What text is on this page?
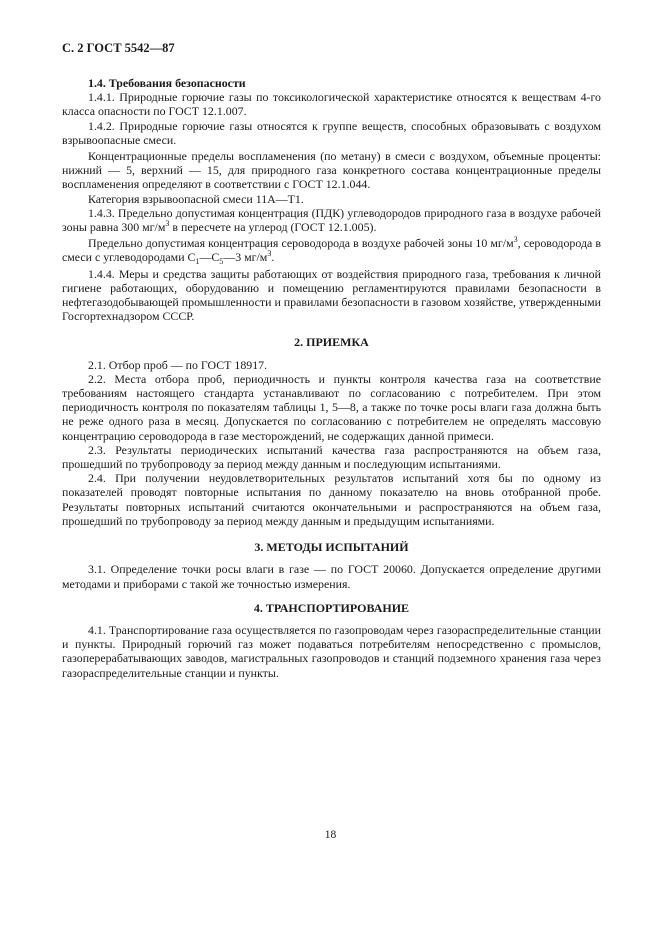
С. 2 ГОСТ 5542—87
1.4. Требования безопасности

1.4.1. Природные горючие газы по токсикологической характеристике относятся к веществам 4-го класса опасности по ГОСТ 12.1.007.

1.4.2. Природные горючие газы относятся к группе веществ, способных образовывать с воздухом взрывоопасные смеси.

Концентрационные пределы воспламенения (по метану) в смеси с воздухом, объемные проценты: нижний — 5, верхний — 15, для природного газа конкретного состава концентрационные пределы воспламенения определяют в соответствии с ГОСТ 12.1.044.

Категория взрывоопасной смеси 11А—Т1.

1.4.3. Предельно допустимая концентрация (ПДК) углеводородов природного газа в воздухе рабочей зоны равна 300 $мг/м^3$ в пересчете на углерод (ГОСТ 12.1.005).

Предельно допустимая концентрация сероводорода в воздухе рабочей зоны 10 $мг/м^3$, сероводорода в смеси с углеводородами $С_1—С_5—3$ $мг/м^3$.

1.4.4. Меры и средства защиты работающих от воздействия природного газа, требования к личной гигиене работающих, оборудованию и помещению регламентируются правилами безопасности в нефтегазодобывающей промышленности и правилами безопасности в газовом хозяйстве, утвержденными Госгортехнадзором СССР.

2. ПРИЕМКА

2.1. Отбор проб — по ГОСТ 18917.

2.2. Места отбора проб, периодичность и пункты контроля качества газа на соответствие требованиям настоящего стандарта устанавливают по согласованию с потребителем. При этом периодичность контроля по показателям таблицы 1, 5—8, а также по точке росы влаги газа должна быть не реже одного раза в месяц. Допускается по согласованию с потребителем не определять массовую концентрацию сероводорода в газе месторождений, не содержащих данной примеси.

2.3. Результаты периодических испытаний качества газа распространяются на объем газа, прошедший по трубопроводу за период между данным и последующим испытаниями.

2.4. При получении неудовлетворительных результатов испытаний хотя бы по одному из показателей проводят повторные испытания по данному показателю на вновь отобранной пробе. Результаты повторных испытаний считаются окончательными и распространяются на объем газа, прошедший по трубопроводу за период между данным и предыдущим испытаниями.

3. МЕТОДЫ ИСПЫТАНИЙ

3.1. Определение точки росы влаги в газе — по ГОСТ 20060. Допускается определение другими методами и приборами с такой же точностью измерения.

4. ТРАНСПОРТИРОВАНИЕ

4.1. Транспортирование газа осуществляется по газопроводам через газораспределительные станции и пункты. Природный горючий газ может подаваться потребителям непосредственно с промыслов, газоперерабатывающих заводов, магистральных газопроводов и станций подземного хранения газа через газораспределительные станции и пункты.

18
